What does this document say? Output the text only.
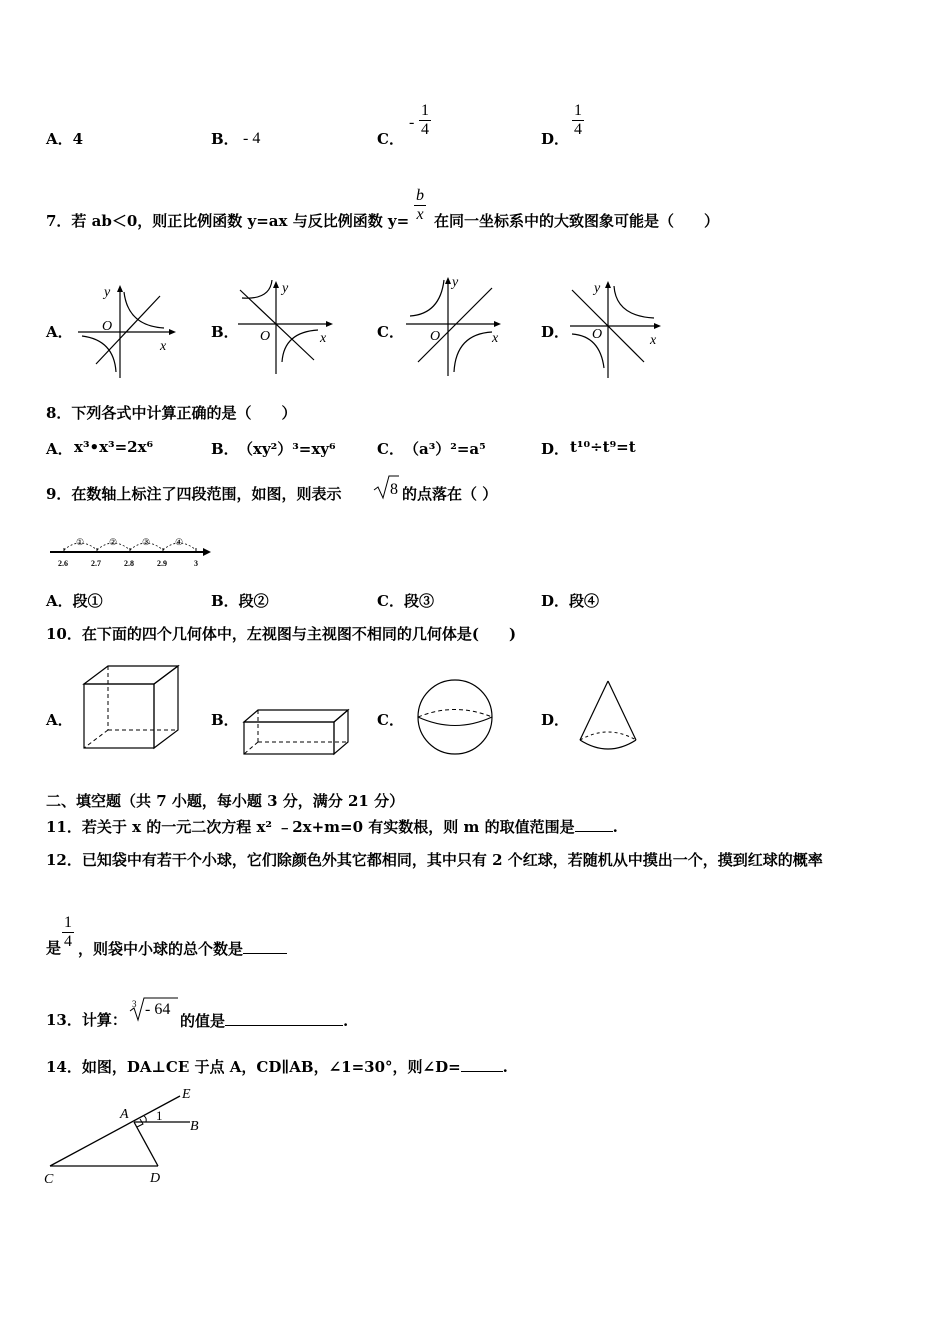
A．4	B． - 4	C．
- $\frac{1}{4}$	D． $\frac{1}{4}$
7．若 ab＜0，则正比例函数 y=ax 与反比例函数 $y= \frac{b}{x}$ 在同一坐标系中的大致图象可能是（　　）
A．	B．	C．	D．
y
O
x
y
O	x
y
O	x
y
O	x
8．下列各式中计算正确的是（　　）
A． x³•x³=2x⁶	B． （xy²）³=xy⁶	C． （a³）²=a⁵	D． t¹⁰÷t⁹=t
9．在数轴上标注了四段范围，如图，则表示	8 的点落在（ ）
①	②	③	④
2.6	2.7	2.8	2.9	3
A．段①	B．段②	C．段③	D．段④
10．在下面的四个几何体中，左视图与主视图不相同的几何体是(　　)
A．	B．	C．	D．
二、填空题（共 7 小题，每小题 3 分，满分 21 分）
11．若关于 x 的一元二次方程 x² ﹣2x+m=0 有实数根，则 m 的取值范围是	.
12．已知袋中有若干个小球，它们除颜色外其它都相同，其中只有 2 个红球，若随机从中摸出一个，摸到红球的概率
是 $\frac{1}{4}$ ，则袋中小球的总个数是
13．计算：
3 - 64
的值是	.
14．如图，DA⊥CE 于点 A，CD∥AB，∠1=30°，则∠D=	.
E
A 1
B
C	D
